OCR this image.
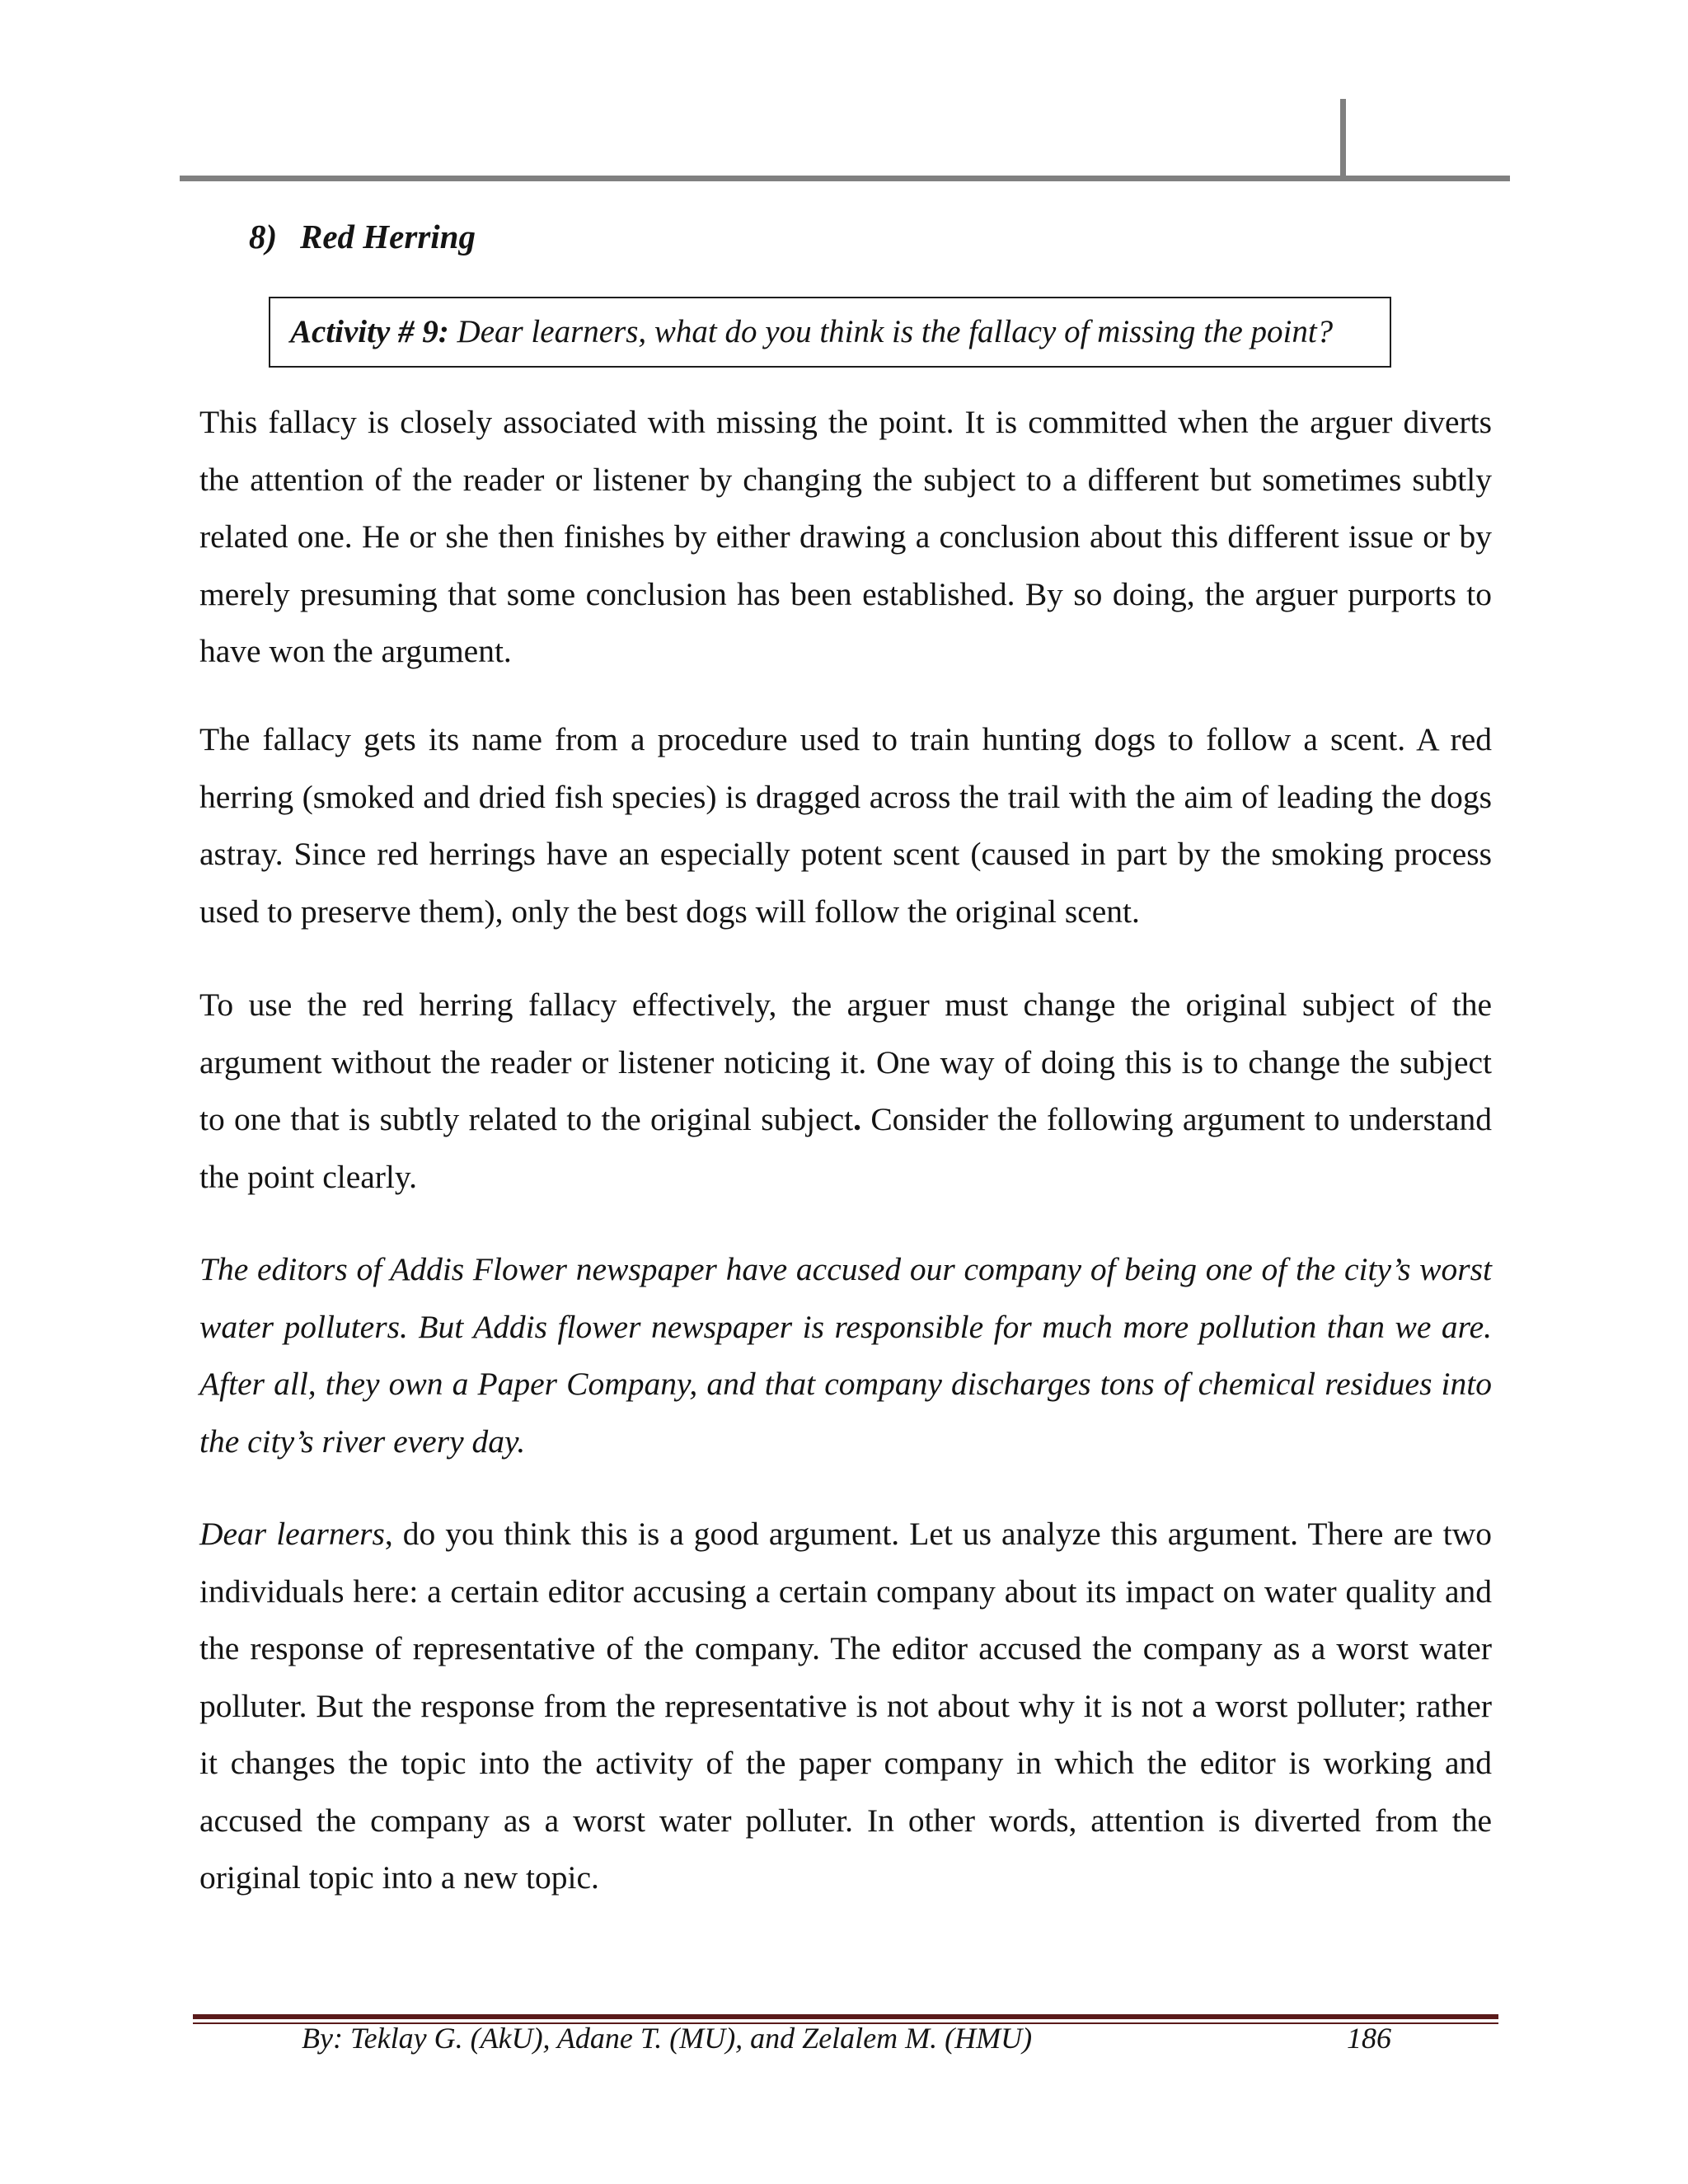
8) Red Herring
Activity # 9: Dear learners, what do you think is the fallacy of missing the point?

This fallacy is closely associated with missing the point. It is committed when the arguer diverts the attention of the reader or listener by changing the subject to a different but sometimes subtly related one. He or she then finishes by either drawing a conclusion about this different issue or by merely presuming that some conclusion has been established. By so doing, the arguer purports to have won the argument.

The fallacy gets its name from a procedure used to train hunting dogs to follow a scent. A red herring (smoked and dried fish species) is dragged across the trail with the aim of leading the dogs astray. Since red herrings have an especially potent scent (caused in part by the smoking process used to preserve them), only the best dogs will follow the original scent.

To use the red herring fallacy effectively, the arguer must change the original subject of the argument without the reader or listener noticing it. One way of doing this is to change the subject to one that is subtly related to the original subject. Consider the following argument to understand the point clearly.

The editors of Addis Flower newspaper have accused our company of being one of the city’s worst water polluters. But Addis flower newspaper is responsible for much more pollution than we are. After all, they own a Paper Company, and that company discharges tons of chemical residues into the city’s river every day.

Dear learners, do you think this is a good argument. Let us analyze this argument. There are two individuals here: a certain editor accusing a certain company about its impact on water quality and the response of representative of the company. The editor accused the company as a worst water polluter. But the response from the representative is not about why it is not a worst polluter; rather it changes the topic into the activity of the paper company in which the editor is working and accused the company as a worst water polluter. In other words, attention is diverted from the original topic into a new topic.

By: Teklay G. (AkU), Adane T. (MU), and Zelalem M. (HMU)	186
